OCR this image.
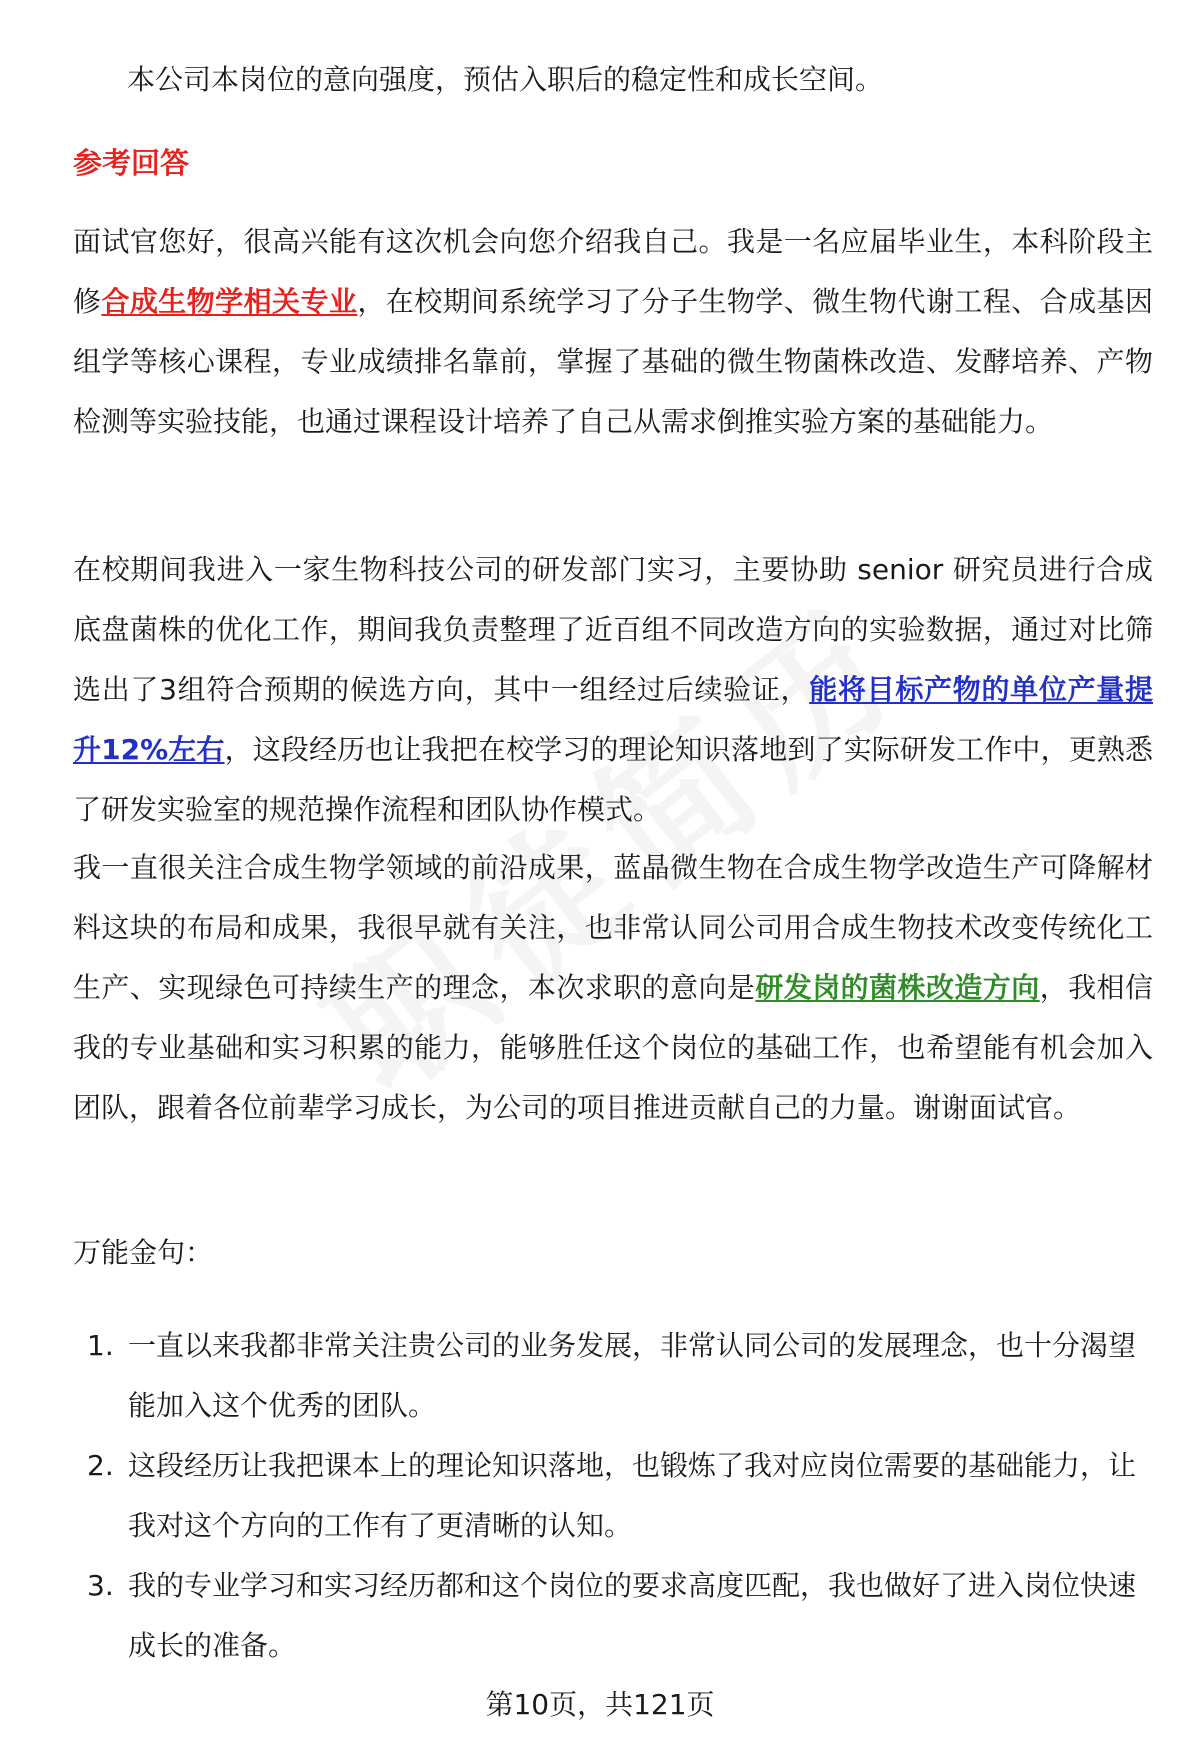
本公司本岗位的意向强度，预估入职后的稳定性和成长空间。
参考回答
面试官您好，很高兴能有这次机会向您介绍我自己。我是一名应届毕业生，本科阶段主修合成生物学相关专业，在校期间系统学习了分子生物学、微生物代谢工程、合成基因组学等核心课程，专业成绩排名靠前，掌握了基础的微生物菌株改造、发酵培养、产物检测等实验技能，也通过课程设计培养了自己从需求倒推实验方案的基础能力。
在校期间我进入一家生物科技公司的研发部门实习，主要协助 senior 研究员进行合成底盘菌株的优化工作，期间我负责整理了近百组不同改造方向的实验数据，通过对比筛选出了3组符合预期的候选方向，其中一组经过后续验证，能将目标产物的单位产量提升12%左右，这段经历也让我把在校学习的理论知识落地到了实际研发工作中，更熟悉了研发实验室的规范操作流程和团队协作模式。
我一直很关注合成生物学领域的前沿成果，蓝晶微生物在合成生物学改造生产可降解材料这块的布局和成果，我很早就有关注，也非常认同公司用合成生物技术改变传统化工生产、实现绿色可持续生产的理念，本次求职的意向是研发岗的菌株改造方向，我相信我的专业基础和实习积累的能力，能够胜任这个岗位的基础工作，也希望能有机会加入团队，跟着各位前辈学习成长，为公司的项目推进贡献自己的力量。谢谢面试官。
万能金句：
1. 一直以来我都非常关注贵公司的业务发展，非常认同公司的发展理念，也十分渴望能加入这个优秀的团队。
2. 这段经历让我把课本上的理论知识落地，也锻炼了我对应岗位需要的基础能力，让我对这个方向的工作有了更清晰的认知。
3. 我的专业学习和实习经历都和这个岗位的要求高度匹配，我也做好了进入岗位快速成长的准备。
第10页，共121页
